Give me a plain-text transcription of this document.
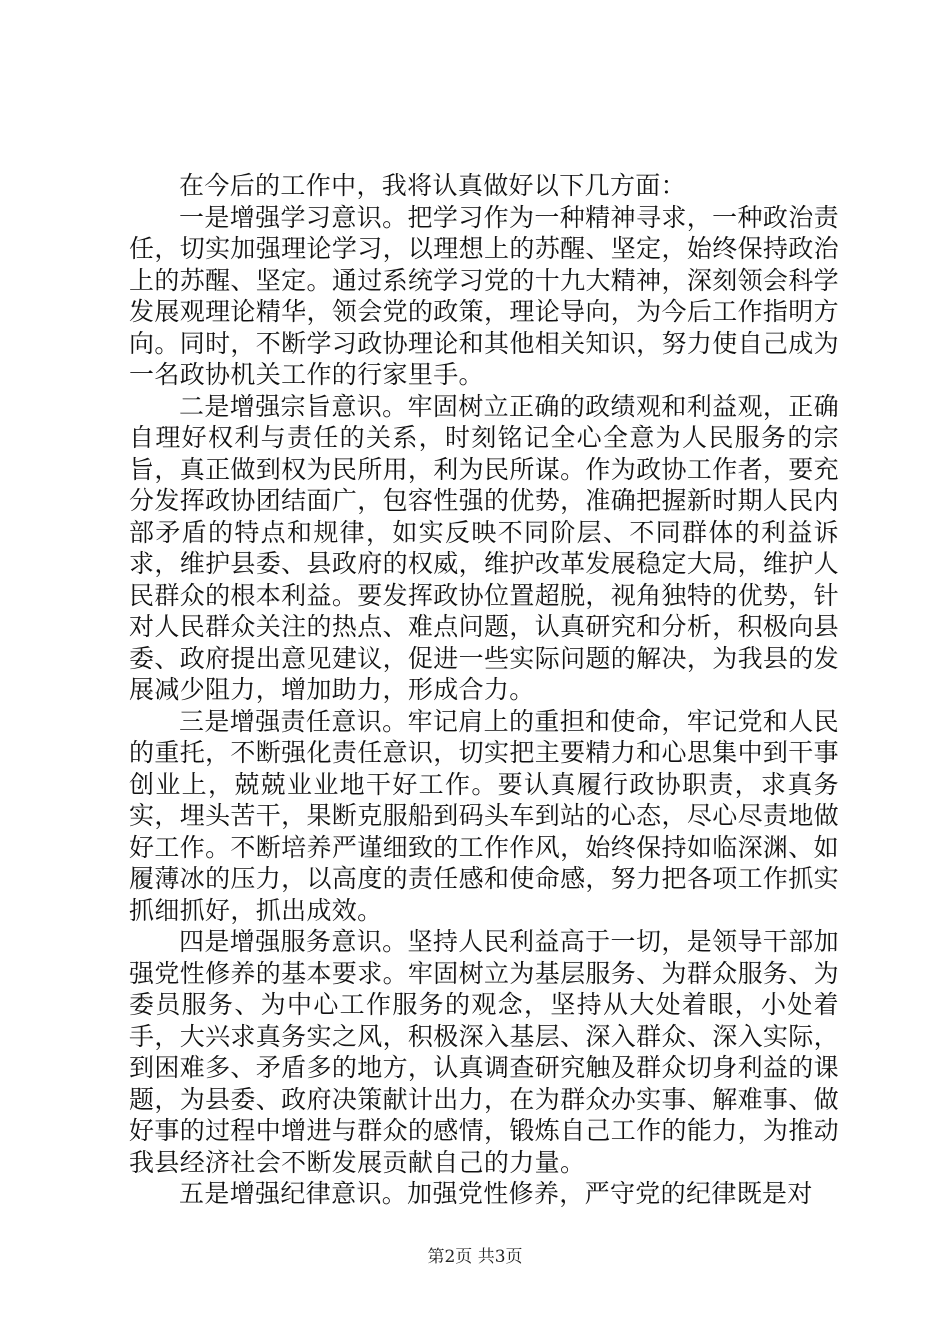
在今后的工作中，我将认真做好以下几方面：

一是增强学习意识。把学习作为一种精神寻求，一种政治责任，切实加强理论学习，以理想上的苏醒、坚定，始终保持政治上的苏醒、坚定。通过系统学习党的十九大精神，深刻领会科学发展观理论精华，领会党的政策，理论导向，为今后工作指明方向。同时，不断学习政协理论和其他相关知识，努力使自己成为一名政协机关工作的行家里手。

二是增强宗旨意识。牢固树立正确的政绩观和利益观，正确自理好权利与责任的关系，时刻铭记全心全意为人民服务的宗旨，真正做到权为民所用，利为民所谋。作为政协工作者，要充分发挥政协团结面广，包容性强的优势，准确把握新时期人民内部矛盾的特点和规律，如实反映不同阶层、不同群体的利益诉求，维护县委、县政府的权威，维护改革发展稳定大局，维护人民群众的根本利益。要发挥政协位置超脱，视角独特的优势，针对人民群众关注的热点、难点问题，认真研究和分析，积极向县委、政府提出意见建议，促进一些实际问题的解决，为我县的发展减少阻力，增加助力，形成合力。

三是增强责任意识。牢记肩上的重担和使命，牢记党和人民的重托，不断强化责任意识，切实把主要精力和心思集中到干事创业上，兢兢业业地干好工作。要认真履行政协职责，求真务实，埋头苦干，果断克服船到码头车到站的心态，尽心尽责地做好工作。不断培养严谨细致的工作作风，始终保持如临深渊、如履薄冰的压力，以高度的责任感和使命感，努力把各项工作抓实抓细抓好，抓出成效。

四是增强服务意识。坚持人民利益高于一切，是领导干部加强党性修养的基本要求。牢固树立为基层服务、为群众服务、为委员服务、为中心工作服务的观念，坚持从大处着眼，小处着手，大兴求真务实之风，积极深入基层、深入群众、深入实际，到困难多、矛盾多的地方，认真调查研究触及群众切身利益的课题，为县委、政府决策献计出力，在为群众办实事、解难事、做好事的过程中增进与群众的感情，锻炼自己工作的能力，为推动我县经济社会不断发展贡献自己的力量。

五是增强纪律意识。加强党性修养，严守党的纪律既是对

第2页 共3页
